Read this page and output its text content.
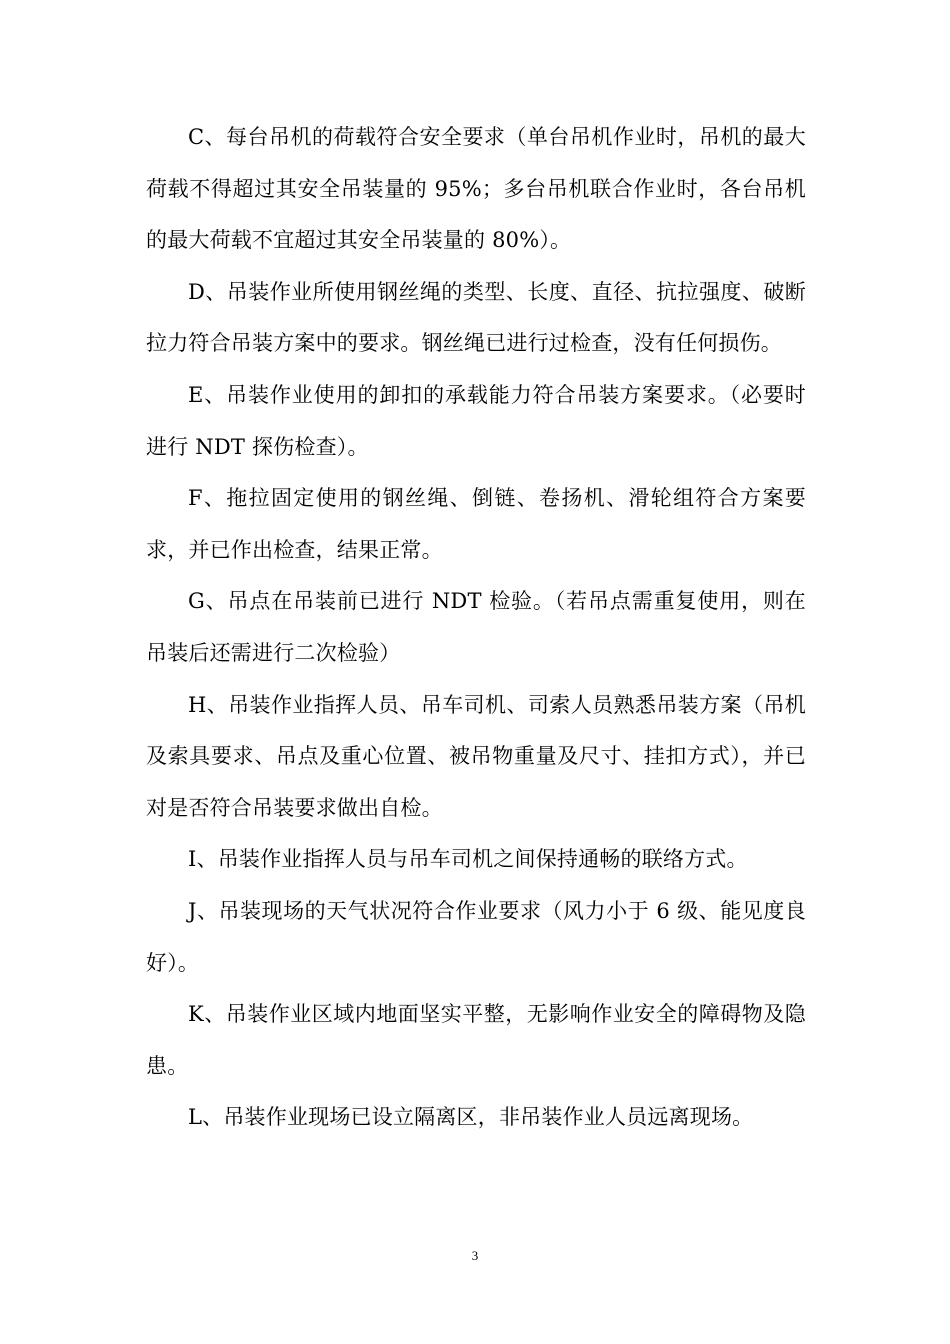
C、每台吊机的荷载符合安全要求（单台吊机作业时，吊机的最大荷载不得超过其安全吊装量的 95%；多台吊机联合作业时，各台吊机的最大荷载不宜超过其安全吊装量的 80%）。

D、吊装作业所使用钢丝绳的类型、长度、直径、抗拉强度、破断拉力符合吊装方案中的要求。钢丝绳已进行过检查，没有任何损伤。

E、吊装作业使用的卸扣的承载能力符合吊装方案要求。（必要时进行 NDT 探伤检查）。

F、拖拉固定使用的钢丝绳、倒链、卷扬机、滑轮组符合方案要求，并已作出检查，结果正常。

G、吊点在吊装前已进行 NDT 检验。（若吊点需重复使用，则在吊装后还需进行二次检验）

H、吊装作业指挥人员、吊车司机、司索人员熟悉吊装方案（吊机及索具要求、吊点及重心位置、被吊物重量及尺寸、挂扣方式），并已对是否符合吊装要求做出自检。

I、吊装作业指挥人员与吊车司机之间保持通畅的联络方式。

J、吊装现场的天气状况符合作业要求（风力小于 6 级、能见度良好）。

K、吊装作业区域内地面坚实平整，无影响作业安全的障碍物及隐患。

L、吊装作业现场已设立隔离区，非吊装作业人员远离现场。

3
